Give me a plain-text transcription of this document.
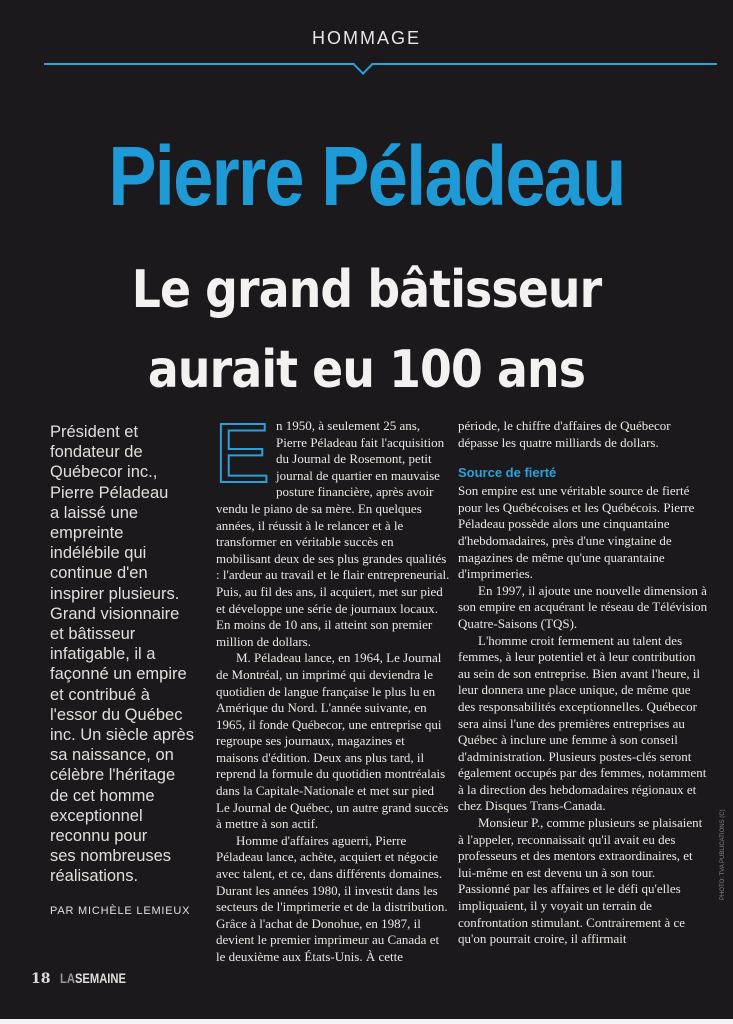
HOMMAGE
Pierre Péladeau
Le grand bâtisseur
aurait eu 100 ans
Président et
fondateur de
Québecor inc.,
Pierre Péladeau
a laissé une
empreinte
indélébile qui
continue d'en
inspirer plusieurs.
Grand visionnaire
et bâtisseur
infatigable, il a
façonné un empire
et contribué à
l'essor du Québec
inc. Un siècle après
sa naissance, on
célèbre l'héritage
de cet homme
exceptionnel
reconnu pour
ses nombreuses
réalisations.
PAR MICHÈLE LEMIEUX
E n 1950, à seulement 25 ans, Pierre Péladeau fait l'acquisition du Journal de Rosemont, petit journal de quartier en mauvaise posture financière, après avoir vendu le piano de sa mère. En quelques années, il réussit à le relancer et à le transformer en véritable succès en mobilisant deux de ses plus grandes qualités : l'ardeur au travail et le flair entrepreneurial. Puis, au fil des ans, il acquiert, met sur pied et développe une série de journaux locaux. En moins de 10 ans, il atteint son premier million de dollars.

M. Péladeau lance, en 1964, Le Journal de Montréal, un imprimé qui deviendra le quotidien de langue française le plus lu en Amérique du Nord. L'année suivante, en 1965, il fonde Québecor, une entreprise qui regroupe ses journaux, magazines et maisons d'édition. Deux ans plus tard, il reprend la formule du quotidien montréalais dans la Capitale-Nationale et met sur pied Le Journal de Québec, un autre grand succès à mettre à son actif.

Homme d'affaires aguerri, Pierre Péladeau lance, achète, acquiert et négocie avec talent, et ce, dans différents domaines. Durant les années 1980, il investit dans les secteurs de l'imprimerie et de la distribution. Grâce à l'achat de Donohue, en 1987, il devient le premier imprimeur au Canada et le deuxième aux États-Unis. À cette

période, le chiffre d'affaires de Québecor dépasse les quatre milliards de dollars.

Source de fierté

Son empire est une véritable source de fierté pour les Québécoises et les Québécois. Pierre Péladeau possède alors une cinquantaine d'hebdomadaires, près d'une vingtaine de magazines de même qu'une quarantaine d'imprimeries.

En 1997, il ajoute une nouvelle dimension à son empire en acquérant le réseau de Télévision Quatre-Saisons (TQS).

L'homme croit fermement au talent des femmes, à leur potentiel et à leur contribution au sein de son entreprise. Bien avant l'heure, il leur donnera une place unique, de même que des responsabilités exceptionnelles. Québecor sera ainsi l'une des premières entreprises au Québec à inclure une femme à son conseil d'administration. Plusieurs postes-clés seront également occupés par des femmes, notamment à la direction des hebdomadaires régionaux et chez Disques Trans-Canada.

Monsieur P., comme plusieurs se plaisaient à l'appeler, reconnaissait qu'il avait eu des professeurs et des mentors extraordinaires, et lui-même en est devenu un à son tour. Passionné par les affaires et le défi qu'elles impliquaient, il y voyait un terrain de confrontation stimulant. Contrairement à ce qu'on pourrait croire, il affirmait

PHOTO: TVA PUBLICATIONS (C)
18 LASEMAINE
